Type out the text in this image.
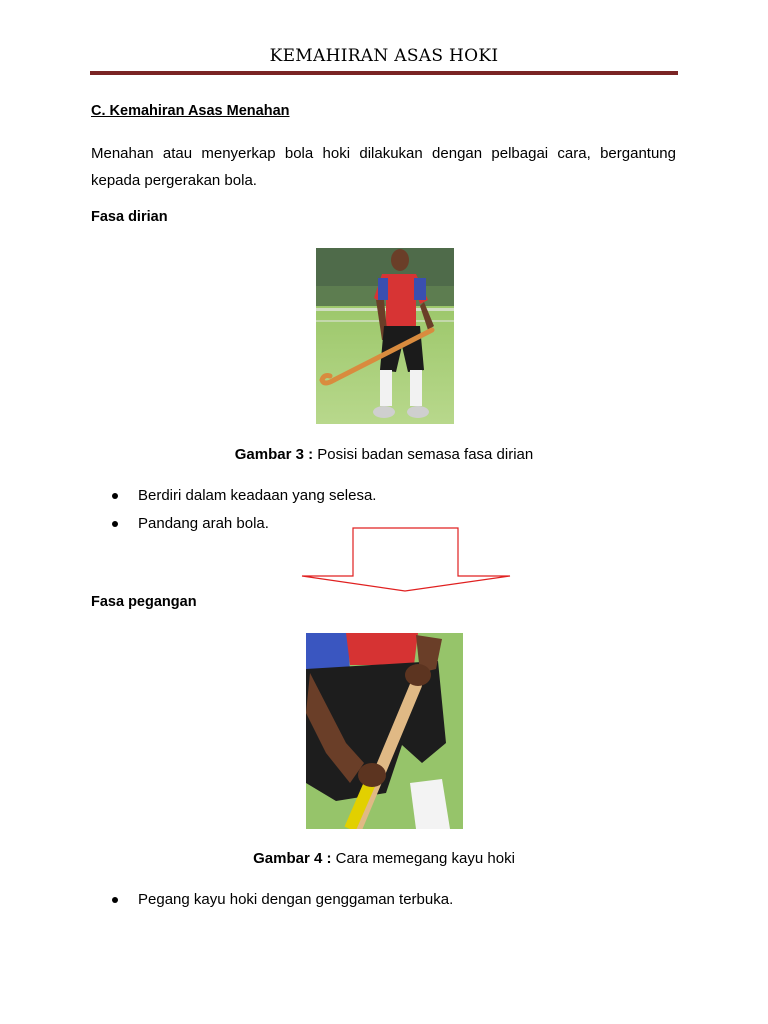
KEMAHIRAN ASAS HOKI
C. Kemahiran Asas Menahan
Menahan atau menyerkap bola hoki dilakukan dengan pelbagai cara, bergantung kepada pergerakan bola.
Fasa dirian
Gambar 3 : Posisi badan semasa fasa dirian
Berdiri dalam keadaan yang selesa.
Pandang arah bola.
Fasa pegangan
Gambar 4 : Cara memegang kayu hoki
Pegang kayu hoki dengan genggaman terbuka.
